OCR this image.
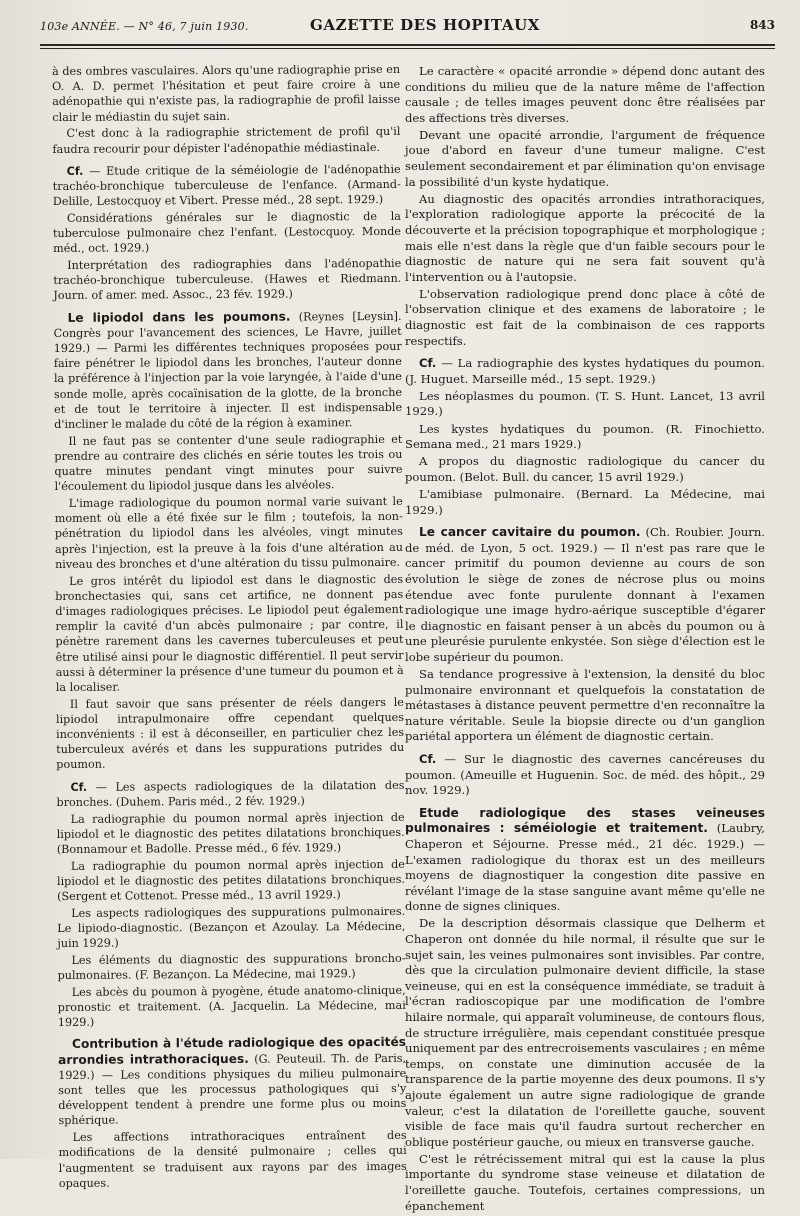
103e ANNÉE. — N° 46, 7 juin 1930.	GAZETTE DES HOPITAUX	843

à des ombres vasculaires. Alors qu'une radiographie prise en O. A. D. permet l'hésitation et peut faire croire à une adénopathie qui n'existe pas, la radiographie de profil laisse clair le médiastin du sujet sain.

C'est donc à la radiographie strictement de profil qu'il faudra recourir pour dépister l'adénopathie médiastinale.

Cf. — Etude critique de la séméiologie de l'adénopathie trachéo-bronchique tuberculeuse de l'enfance. (Armand-Delille, Lestocquoy et Vibert. Presse méd., 28 sept. 1929.)

Considérations générales sur le diagnostic de la tuberculose pulmonaire chez l'enfant. (Lestocquoy. Monde méd., oct. 1929.)

Interprétation des radiographies dans l'adénopathie trachéo-bronchique tuberculeuse. (Hawes et Riedmann. Journ. of amer. med. Assoc., 23 fév. 1929.)

Le lipiodol dans les poumons. (Reynes [Leysin]. Congrès pour l'avancement des sciences, Le Havre, juillet 1929.) — Parmi les différentes techniques proposées pour faire pénétrer le lipiodol dans les bronches, l'auteur donne la préférence à l'injection par la voie laryngée, à l'aide d'une sonde molle, après cocaïnisation de la glotte, de la bronche et de tout le territoire à injecter. Il est indispensable d'incliner le malade du côté de la région à examiner.

Il ne faut pas se contenter d'une seule radiographie et prendre au contraire des clichés en série toutes les trois ou quatre minutes pendant vingt minutes pour suivre l'écoulement du lipiodol jusque dans les alvéoles.

L'image radiologique du poumon normal varie suivant le moment où elle a été fixée sur le film ; toutefois, la non-pénétration du lipiodol dans les alvéoles, vingt minutes après l'injection, est la preuve à la fois d'une altération au niveau des bronches et d'une altération du tissu pulmonaire.

Le gros intérêt du lipiodol est dans le diagnostic des bronchectasies qui, sans cet artifice, ne donnent pas d'images radiologiques précises. Le lipiodol peut également remplir la cavité d'un abcès pulmonaire ; par contre, il pénètre rarement dans les cavernes tuberculeuses et peut être utilisé ainsi pour le diagnostic différentiel. Il peut servir aussi à déterminer la présence d'une tumeur du poumon et à la localiser.

Il faut savoir que sans présenter de réels dangers le lipiodol intrapulmonaire offre cependant quelques inconvénients : il est à déconseiller, en particulier chez les tuberculeux avérés et dans les suppurations putrides du poumon.

Cf. — Les aspects radiologiques de la dilatation des bronches. (Duhem. Paris méd., 2 fév. 1929.)

La radiographie du poumon normal après injection de lipiodol et le diagnostic des petites dilatations bronchiques. (Bonnamour et Badolle. Presse méd., 6 fév. 1929.)

La radiographie du poumon normal après injection de lipiodol et le diagnostic des petites dilatations bronchiques. (Sergent et Cottenot. Presse méd., 13 avril 1929.)

Les aspects radiologiques des suppurations pulmonaires. Le lipiodo-diagnostic. (Bezançon et Azoulay. La Médecine, juin 1929.)

Les éléments du diagnostic des suppurations broncho-pulmonaires. (F. Bezançon. La Médecine, mai 1929.)

Les abcès du poumon à pyogène, étude anatomo-clinique, pronostic et traitement. (A. Jacquelin. La Médecine, mai 1929.)

Contribution à l'étude radiologique des opacités arrondies intrathoraciques. (G. Peuteuil. Th. de Paris, 1929.) — Les conditions physiques du milieu pulmonaire sont telles que les processus pathologiques qui s'y développent tendent à prendre une forme plus ou moins sphérique.

Les affections intrathoraciques entraînent des modifications de la densité pulmonaire ; celles qui l'augmentent se traduisent aux rayons par des images opaques.

Le caractère « opacité arrondie » dépend donc autant des conditions du milieu que de la nature même de l'affection causale ; de telles images peuvent donc être réalisées par des affections très diverses.

Devant une opacité arrondie, l'argument de fréquence joue d'abord en faveur d'une tumeur maligne. C'est seulement secondairement et par élimination qu'on envisage la possibilité d'un kyste hydatique.

Au diagnostic des opacités arrondies intrathoraciques, l'exploration radiologique apporte la précocité de la découverte et la précision topographique et morphologique ; mais elle n'est dans la règle que d'un faible secours pour le diagnostic de nature qui ne sera fait souvent qu'à l'intervention ou à l'autopsie.

L'observation radiologique prend donc place à côté de l'observation clinique et des examens de laboratoire ; le diagnostic est fait de la combinaison de ces rapports respectifs.

Cf. — La radiographie des kystes hydatiques du poumon. (J. Huguet. Marseille méd., 15 sept. 1929.)

Les néoplasmes du poumon. (T. S. Hunt. Lancet, 13 avril 1929.)

Les kystes hydatiques du poumon. (R. Finochietto. Semana med., 21 mars 1929.)

A propos du diagnostic radiologique du cancer du poumon. (Belot. Bull. du cancer, 15 avril 1929.)

L'amibiase pulmonaire. (Bernard. La Médecine, mai 1929.)

Le cancer cavitaire du poumon. (Ch. Roubier. Journ. de méd. de Lyon, 5 oct. 1929.) — Il n'est pas rare que le cancer primitif du poumon devienne au cours de son évolution le siège de zones de nécrose plus ou moins étendue avec fonte purulente donnant à l'examen radiologique une image hydro-aérique susceptible d'égarer le diagnostic en faisant penser à un abcès du poumon ou à une pleurésie purulente enkystée. Son siège d'élection est le lobe supérieur du poumon.

Sa tendance progressive à l'extension, la densité du bloc pulmonaire environnant et quelquefois la constatation de métastases à distance peuvent permettre d'en reconnaître la nature véritable. Seule la biopsie directe ou d'un ganglion pariétal apportera un élément de diagnostic certain.

Cf. — Sur le diagnostic des cavernes cancéreuses du poumon. (Ameuille et Huguenin. Soc. de méd. des hôpit., 29 nov. 1929.)

Etude radiologique des stases veineuses pulmonaires : séméiologie et traitement. (Laubry, Chaperon et Séjourne. Presse méd., 21 déc. 1929.) — L'examen radiologique du thorax est un des meilleurs moyens de diagnostiquer la congestion dite passive en révélant l'image de la stase sanguine avant même qu'elle ne donne de signes cliniques.

De la description désormais classique que Delherm et Chaperon ont donnée du hile normal, il résulte que sur le sujet sain, les veines pulmonaires sont invisibles. Par contre, dès que la circulation pulmonaire devient difficile, la stase veineuse, qui en est la conséquence immédiate, se traduit à l'écran radioscopique par une modification de l'ombre hilaire normale, qui apparaît volumineuse, de contours flous, de structure irrégulière, mais cependant constituée presque uniquement par des entrecroisements vasculaires ; en même temps, on constate une diminution accusée de la transparence de la partie moyenne des deux poumons. Il s'y ajoute également un autre signe radiologique de grande valeur, c'est la dilatation de l'oreillette gauche, souvent visible de face mais qu'il faudra surtout rechercher en oblique postérieur gauche, ou mieux en transverse gauche.

C'est le rétrécissement mitral qui est la cause la plus importante du syndrome stase veineuse et dilatation de l'oreillette gauche. Toutefois, certaines compressions, un épanchement
